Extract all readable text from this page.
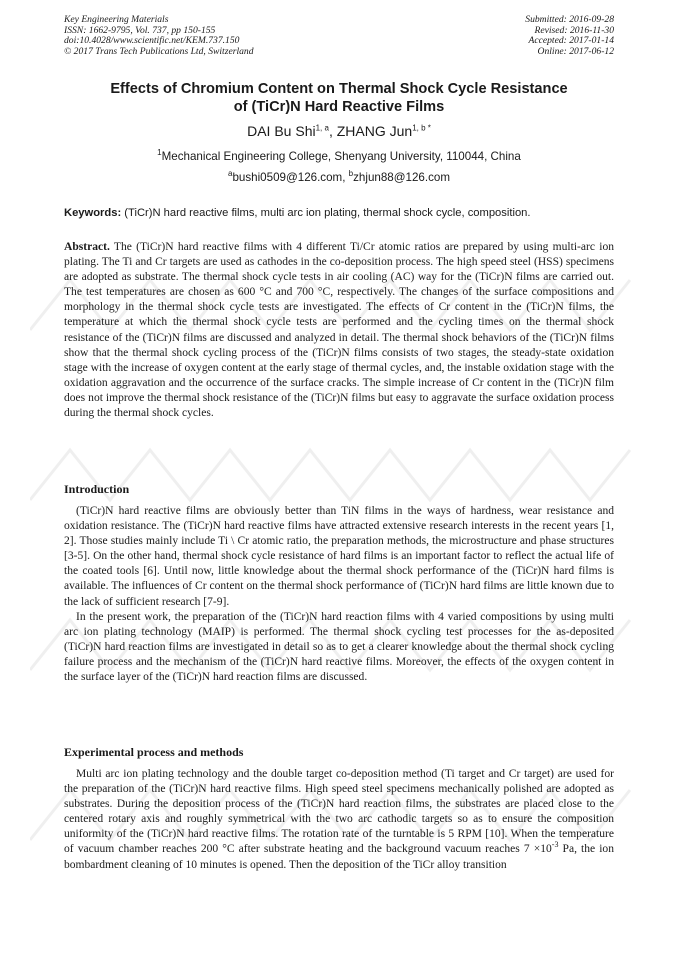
Key Engineering Materials
ISSN: 1662-9795, Vol. 737, pp 150-155
doi:10.4028/www.scientific.net/KEM.737.150
© 2017 Trans Tech Publications Ltd, Switzerland
Submitted: 2016-09-28
Revised: 2016-11-30
Accepted: 2017-01-14
Online: 2017-06-12
Effects of Chromium Content on Thermal Shock Cycle Resistance
of (TiCr)N Hard Reactive Films
DAI Bu Shi$^{1, a}$, ZHANG Jun$^{1, b *}$
$^1$Mechanical Engineering College, Shenyang University, 110044, China
$^a$bushi0509@126.com, $^b$zhjun88@126.com
Keywords: (TiCr)N hard reactive films, multi arc ion plating, thermal shock cycle, composition.

Abstract. The (TiCr)N hard reactive films with 4 different Ti/Cr atomic ratios are prepared by using multi-arc ion plating. The Ti and Cr targets are used as cathodes in the co-deposition process. The high speed steel (HSS) specimens are adopted as substrate. The thermal shock cycle tests in air cooling (AC) way for the (TiCr)N films are carried out. The test temperatures are chosen as 600 °C and 700 °C, respectively. The changes of the surface compositions and morphology in the thermal shock cycle tests are investigated. The effects of Cr content in the (TiCr)N films, the temperature at which the thermal shock cycle tests are performed and the cycling times on the thermal shock resistance of the (TiCr)N films are discussed and analyzed in detail. The thermal shock behaviors of the (TiCr)N films show that the thermal shock cycling process of the (TiCr)N films consists of two stages, the steady-state oxidation stage with the increase of oxygen content at the early stage of thermal cycles, and, the instable oxidation stage with the oxidation aggravation and the occurrence of the surface cracks. The simple increase of Cr content in the (TiCr)N film does not improve the thermal shock resistance of the (TiCr)N films but easy to aggravate the surface oxidation process during the thermal shock cycles.

Introduction

(TiCr)N hard reactive films are obviously better than TiN films in the ways of hardness, wear resistance and oxidation resistance. The (TiCr)N hard reactive films have attracted extensive research interests in the recent years [1, 2]. Those studies mainly include Ti \ Cr atomic ratio, the preparation methods, the microstructure and phase structures [3-5]. On the other hand, thermal shock cycle resistance of hard films is an important factor to reflect the actual life of the coated tools [6]. Until now, little knowledge about the thermal shock performance of the (TiCr)N hard films is available. The influences of Cr content on the thermal shock performance of (TiCr)N hard films are little known due to the lack of sufficient research [7-9].

In the present work, the preparation of the (TiCr)N hard reaction films with 4 varied compositions by using multi arc ion plating technology (MAIP) is performed. The thermal shock cycling test processes for the as-deposited (TiCr)N hard reaction films are investigated in detail so as to get a clearer knowledge about the thermal shock cycling failure process and the mechanism of the (TiCr)N hard reactive films. Moreover, the effects of the oxygen content in the surface layer of the (TiCr)N hard reaction films are discussed.

Experimental process and methods

Multi arc ion plating technology and the double target co-deposition method (Ti target and Cr target) are used for the preparation of the (TiCr)N hard reactive films. High speed steel specimens mechanically polished are adopted as substrates. During the deposition process of the (TiCr)N hard reaction films, the substrates are placed close to the centered rotary axis and roughly symmetrical with the two arc cathodic targets so as to ensure the composition uniformity of the (TiCr)N hard reactive films. The rotation rate of the turntable is 5 RPM [10]. When the temperature of vacuum chamber reaches 200 °C after substrate heating and the background vacuum reaches $7 \times 10^{-3}$ Pa, the ion bombardment cleaning of 10 minutes is opened. Then the deposition of the TiCr alloy transition
